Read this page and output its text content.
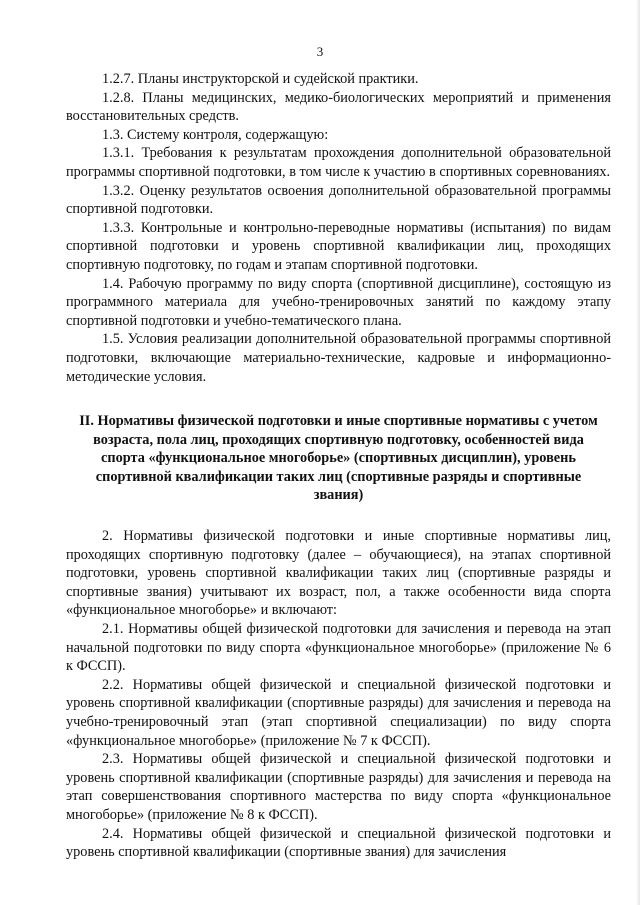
3

1.2.7. Планы инструкторской и судейской практики.

1.2.8. Планы медицинских, медико-биологических мероприятий и применения восстановительных средств.

1.3. Систему контроля, содержащую:

1.3.1. Требования к результатам прохождения дополнительной образовательной программы спортивной подготовки, в том числе к участию в спортивных соревнованиях.

1.3.2. Оценку результатов освоения дополнительной образовательной программы спортивной подготовки.

1.3.3. Контрольные и контрольно-переводные нормативы (испытания) по видам спортивной подготовки и уровень спортивной квалификации лиц, проходящих спортивную подготовку, по годам и этапам спортивной подготовки.

1.4. Рабочую программу по виду спорта (спортивной дисциплине), состоящую из программного материала для учебно-тренировочных занятий по каждому этапу спортивной подготовки и учебно-тематического плана.

1.5. Условия реализации дополнительной образовательной программы спортивной подготовки, включающие материально-технические, кадровые и информационно-методические условия.

II. Нормативы физической подготовки и иные спортивные нормативы с учетом возраста, пола лиц, проходящих спортивную подготовку, особенностей вида спорта «функциональное многоборье» (спортивных дисциплин), уровень спортивной квалификации таких лиц (спортивные разряды и спортивные звания)

2. Нормативы физической подготовки и иные спортивные нормативы лиц, проходящих спортивную подготовку (далее – обучающиеся), на этапах спортивной подготовки, уровень спортивной квалификации таких лиц (спортивные разряды и спортивные звания) учитывают их возраст, пол, а также особенности вида спорта «функциональное многоборье» и включают:

2.1. Нормативы общей физической подготовки для зачисления и перевода на этап начальной подготовки по виду спорта «функциональное многоборье» (приложение № 6 к ФССП).

2.2. Нормативы общей физической и специальной физической подготовки и уровень спортивной квалификации (спортивные разряды) для зачисления и перевода на учебно-тренировочный этап (этап спортивной специализации) по виду спорта «функциональное многоборье» (приложение № 7 к ФССП).

2.3. Нормативы общей физической и специальной физической подготовки и уровень спортивной квалификации (спортивные разряды) для зачисления и перевода на этап совершенствования спортивного мастерства по виду спорта «функциональное многоборье» (приложение № 8 к ФССП).

2.4. Нормативы общей физической и специальной физической подготовки и уровень спортивной квалификации (спортивные звания) для зачисления
